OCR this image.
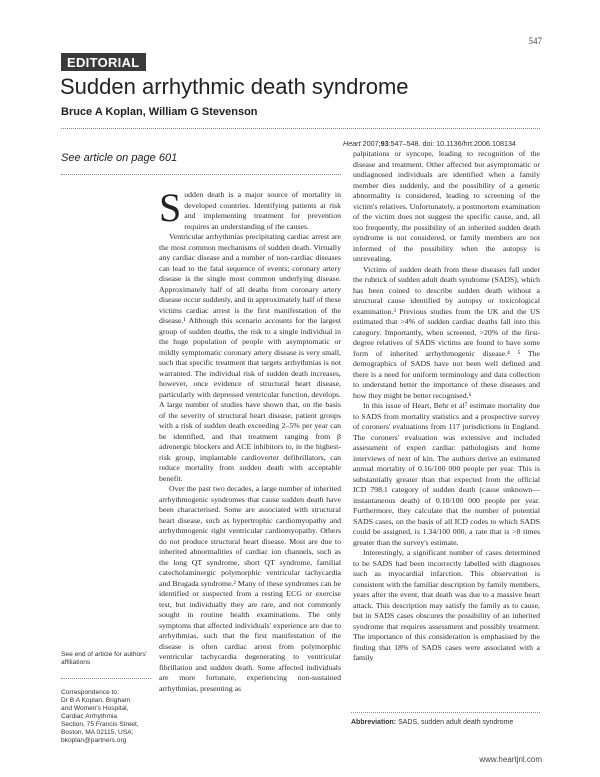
547
EDITORIAL
Sudden arrhythmic death syndrome
Bruce A Koplan, William G Stevenson
Heart 2007;93:547–548. doi: 10.1136/hrt.2006.108134
See article on page 601

Sudden death is a major source of mortality in developed countries. Identifying patients at risk and implementing treatment for prevention requires an understanding of the causes.

Ventricular arrhythmias precipitating cardiac arrest are the most common mechanisms of sudden death. Virtually any cardiac disease and a number of non-cardiac diseases can lead to the fatal sequence of events; coronary artery disease is the single most common underlying disease. Approximately half of all deaths from coronary artery disease occur suddenly, and in approximately half of these victims cardiac arrest is the first manifestation of the disease.¹ Although this scenario accounts for the largest group of sudden deaths, the risk to a single individual in the huge population of people with asymptomatic or mildly symptomatic coronary artery disease is very small, such that specific treatment that targets arrhythmias is not warranted. The individual risk of sudden death increases, however, once evidence of structural heart disease, particularly with depressed ventricular function, develops. A large number of studies have shown that, on the basis of the severity of structural heart disease, patient groups with a risk of sudden death exceeding 2–5% per year can be identified, and that treatment ranging from β adrenergic blockers and ACE inhibitors to, in the highest-risk group, implantable cardioverter defibrillators, can reduce mortality from sudden death with acceptable benefit.

Over the past two decades, a large number of inherited arrhythmogenic syndromes that cause sudden death have been characterised. Some are associated with structural heart disease, such as hypertrophic cardiomyopathy and arrhythmogenic right ventricular cardiomyopathy. Others do not produce structural heart disease. Most are due to inherited abnormalities of cardiac ion channels, such as the long QT syndrome, short QT syndrome, familial catecholaminergic polymorphic ventricular tachycardia and Brugada syndrome.² Many of these syndromes can be identified or suspected from a resting ECG or exercise test, but individually they are rare, and not commonly sought in routine health examinations. The only symptoms that affected individuals' experience are due to arrhythmias, such that the first manifestation of the disease is often cardiac arrest from polymorphic ventricular tachycardia degenerating to ventricular fibrillation and sudden death. Some affected individuals are more fortunate, experiencing non-sustained arrhythmias, presenting as

palpitations or syncope, leading to recognition of the disease and treatment. Other affected but asymptomatic or undiagnosed individuals are identified when a family member dies suddenly, and the possibility of a genetic abnormality is considered, leading to screening of the victim's relatives. Unfortunately, a postmortem examination of the victim does not suggest the specific cause, and, all too frequently, the possibility of an inherited sudden death syndrome is not considered, or family members are not informed of the possibility when the autopsy is unrevealing.

Victims of sudden death from these diseases fall under the rubrick of sudden adult death syndrome (SADS), which has been coined to describe sudden death without a structural cause identified by autopsy or toxicological examination.³ Previous studies from the UK and the US estimated that >4% of sudden cardiac deaths fall into this category. Importantly, when screened, >20% of the first-degree relatives of SADS victims are found to have some form of inherited arrhythmogenic disease.⁴ ⁵ The demographics of SADS have not been well defined and there is a need for uniform terminology and data collection to understand better the importance of these diseases and how they might be better recognised.⁶

In this issue of Heart, Behr et al⁷ estimate mortality due to SADS from mortality statistics and a prospective survey of coroners' evaluations from 117 jurisdictions in England. The coroners' evaluation was extensive and included assessment of expert cardiac pathologists and home interviews of next of kin. The authors derive an estimated annual mortality of 0.16/100 000 people per year. This is substantially greater than that expected from the official ICD 798.1 category of sudden death (cause unknown—instantaneous death) of 0.10/100 000 people per year. Furthermore, they calculate that the number of potential SADS cases, on the basis of all ICD codes to which SADS could be assigned, is 1.34/100 000, a rate that is >8 times greater than the survey's estimate.

Interestingly, a significant number of cases determined to be SADS had been incorrectly labelled with diagnoses such as myocardial infarction. This observation is consistent with the familiar description by family members, years after the event, that death was due to a massive heart attack. This description may satisfy the family as to cause, but in SADS cases obscures the possibility of an inherited syndrome that requires assessment and possibly treatment. The importance of this consideration is emphasised by the finding that 18% of SADS cases were associated with a family

See end of article for authors' affiliations
Correspondence to:
Dr B A Koplan, Brigham
and Women's Hospital,
Cardiac Arrhythmia
Section, 75 Francis Street,
Boston, MA 02115, USA;
bkoplan@partners.org
Abbreviation: SADS, sudden adult death syndrome
www.heartjnl.com
